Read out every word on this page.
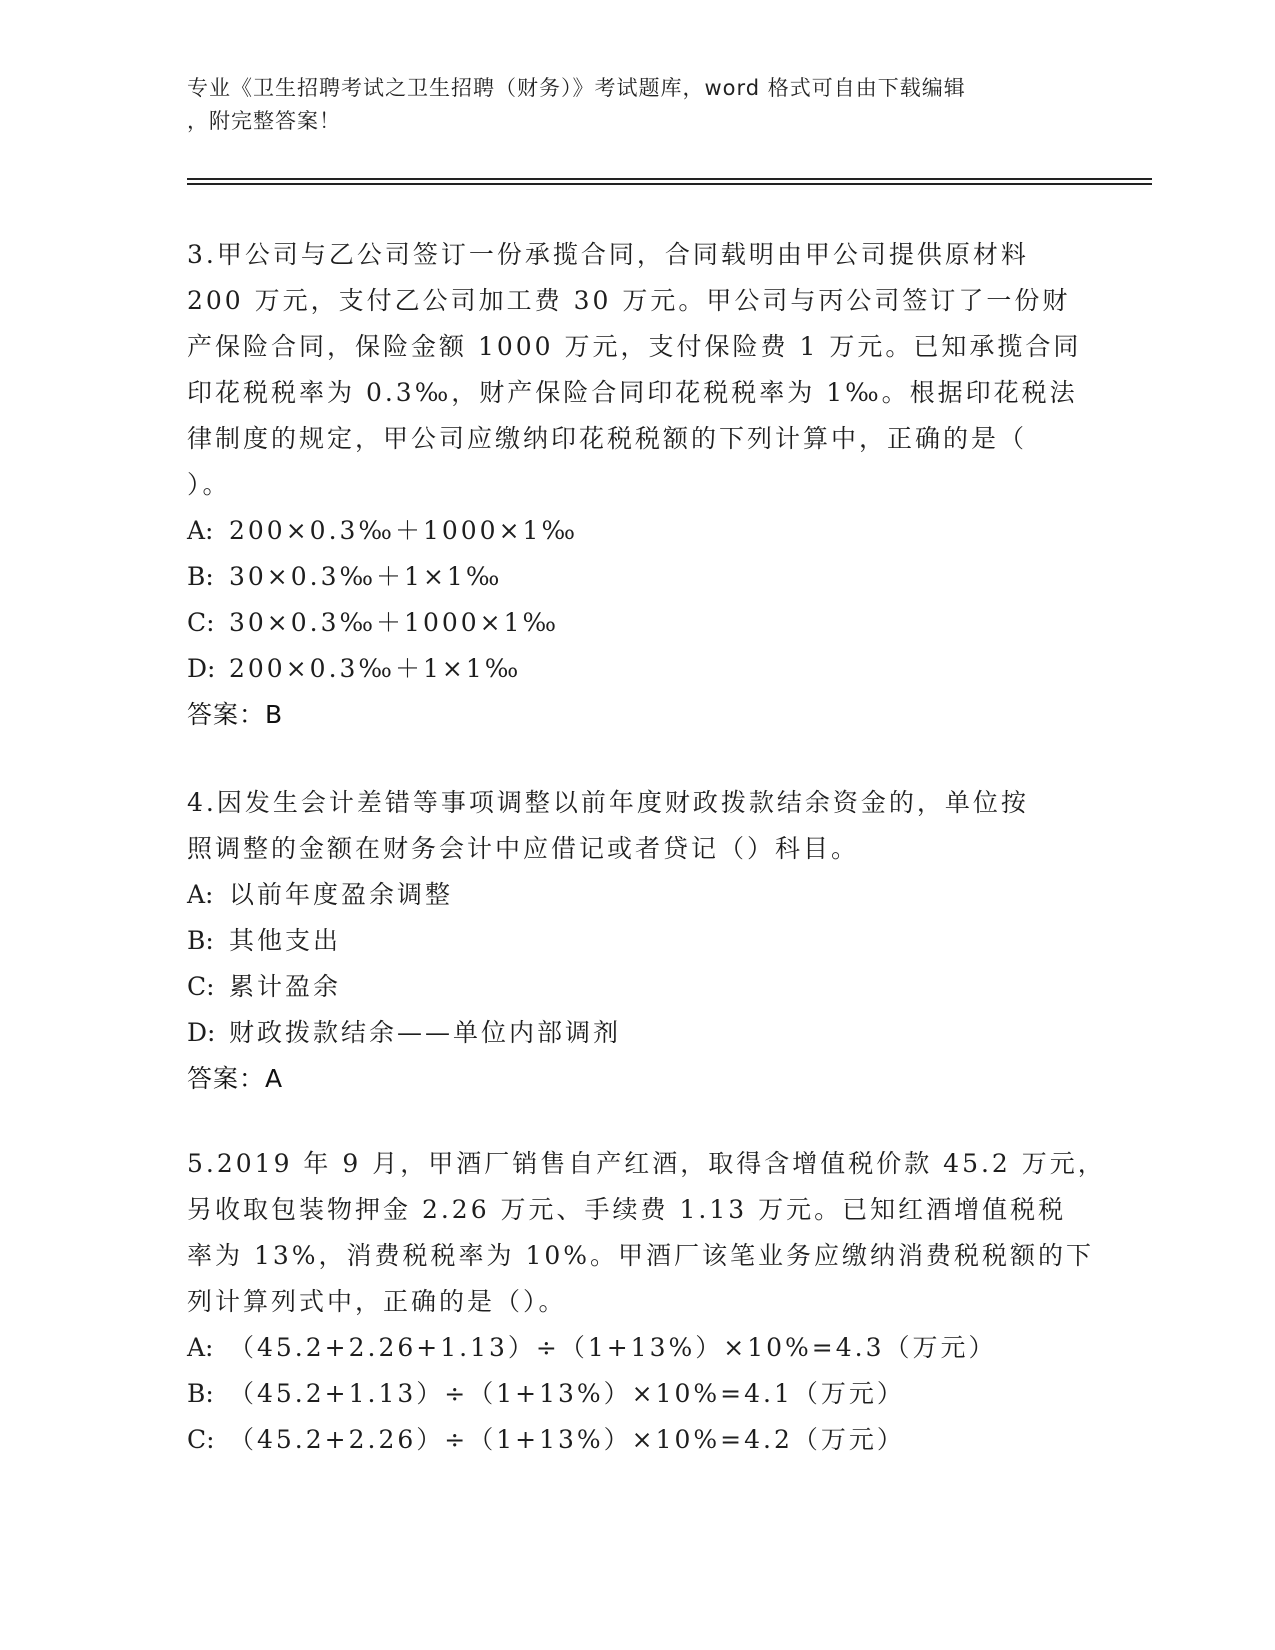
专业《卫生招聘考试之卫生招聘（财务）》考试题库，word 格式可自由下载编辑
，附完整答案！
3.甲公司与乙公司签订一份承揽合同，合同载明由甲公司提供原材料
200 万元，支付乙公司加工费 30 万元。甲公司与丙公司签订了一份财
产保险合同，保险金额 1000 万元，支付保险费 1 万元。已知承揽合同
印花税税率为 0.3‰，财产保险合同印花税税率为 1‰。根据印花税法
律制度的规定，甲公司应缴纳印花税税额的下列计算中，正确的是（
）。
A: 200×0.3‰＋1000×1‰
B: 30×0.3‰＋1×1‰
C: 30×0.3‰＋1000×1‰
D: 200×0.3‰＋1×1‰
答案：B
4.因发生会计差错等事项调整以前年度财政拨款结余资金的，单位按
照调整的金额在财务会计中应借记或者贷记（）科目。
A: 以前年度盈余调整
B: 其他支出
C: 累计盈余
D: 财政拨款结余——单位内部调剂
答案：A
5.2019 年 9 月，甲酒厂销售自产红酒，取得含增值税价款 45.2 万元，
另收取包装物押金 2.26 万元、手续费 1.13 万元。已知红酒增值税税
率为 13%，消费税税率为 10%。甲酒厂该笔业务应缴纳消费税税额的下
列计算列式中，正确的是（）。
A: （45.2+2.26+1.13）÷（1+13%）×10%=4.3（万元）
B: （45.2+1.13）÷（1+13%）×10%=4.1（万元）
C: （45.2+2.26）÷（1+13%）×10%=4.2（万元）
